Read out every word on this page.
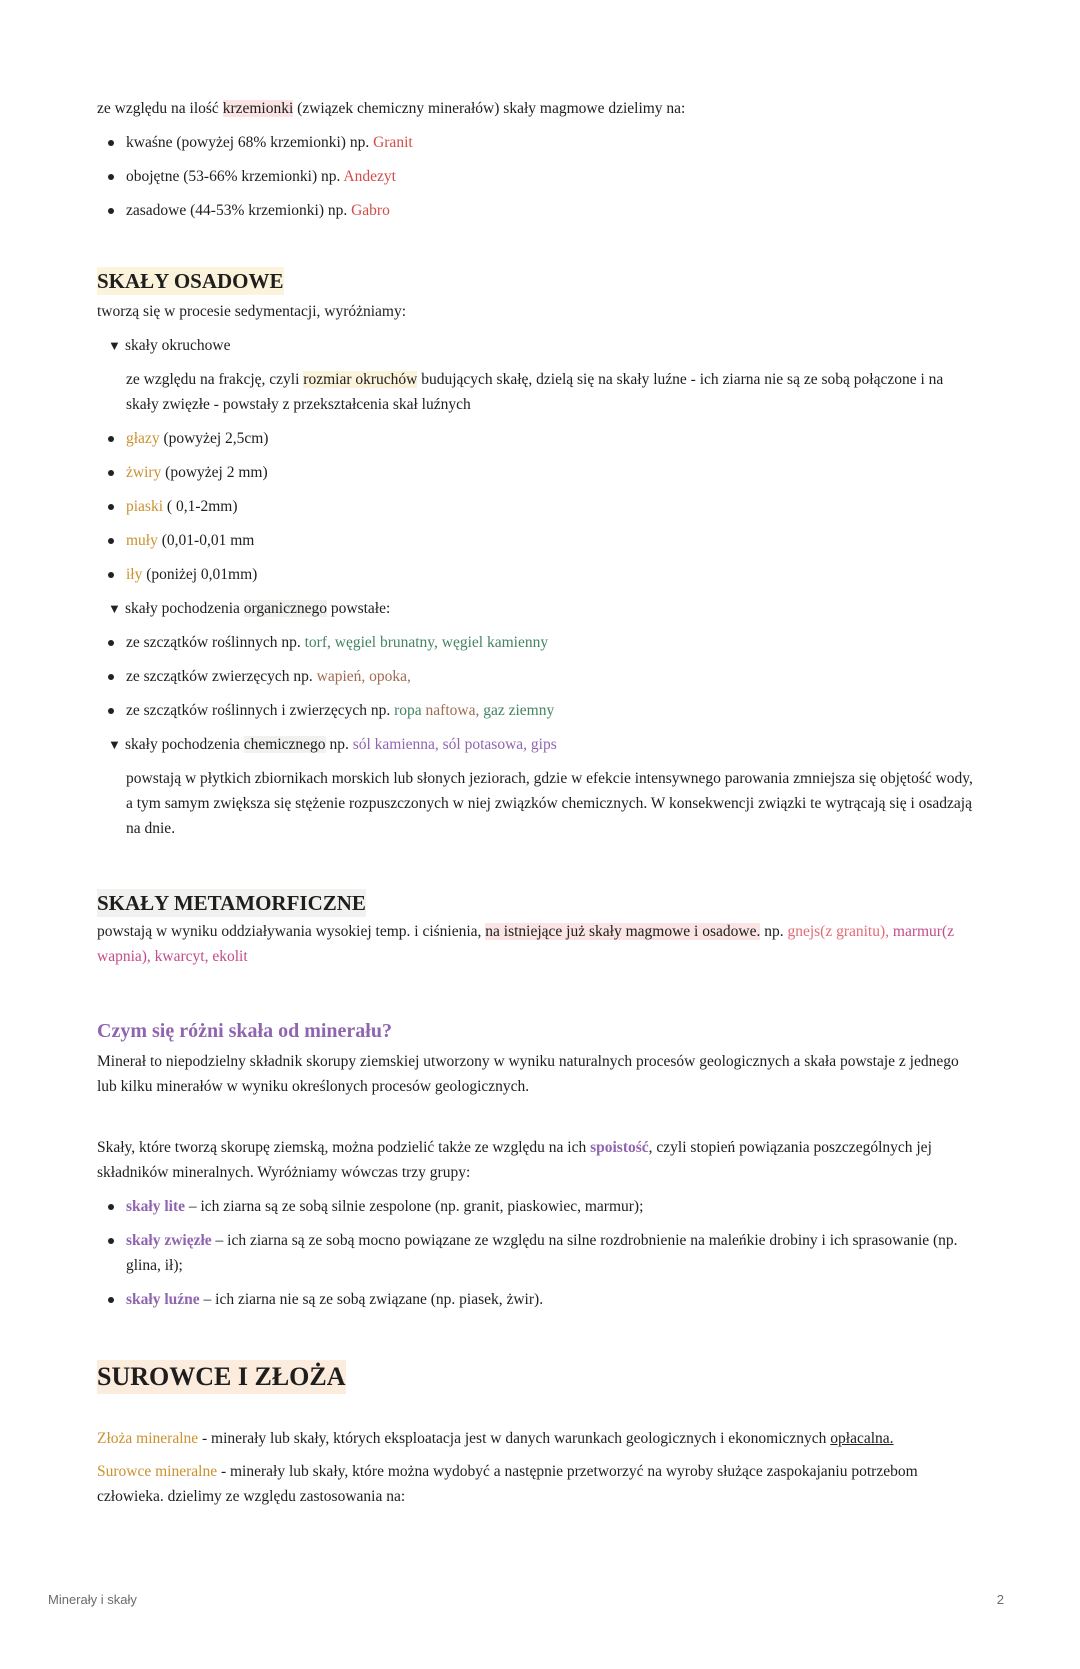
ze względu na ilość krzemionki (związek chemiczny minerałów) skały magmowe dzielimy na:

kwaśne (powyżej 68% krzemionki) np. Granit
obojętne (53-66% krzemionki) np. Andezyt
zasadowe (44-53% krzemionki) np. Gabro
SKAŁY OSADOWE

tworzą się w procesie sedymentacji, wyróżniamy:

▼ skały okruchowe

ze względu na frakcję, czyli rozmiar okruchów budujących skałę, dzielą się na skały luźne - ich ziarna nie są ze sobą połączone i na skały zwięzłe - powstały z przekształcenia skał luźnych

głazy (powyżej 2,5cm)
żwiry (powyżej 2 mm)
piaski ( 0,1-2mm)
muły (0,01-0,01 mm
iły (poniżej 0,01mm)
▼ skały pochodzenia organicznego powstałe:
ze szczątków roślinnych np. torf, węgiel brunatny, węgiel kamienny
ze szczątków zwierzęcych np. wapień, opoka,
ze szczątków roślinnych i zwierzęcych np. ropa naftowa, gaz ziemny
▼ skały pochodzenia chemicznego np. sól kamienna, sól potasowa, gips

powstają w płytkich zbiornikach morskich lub słonych jeziorach, gdzie w efekcie intensywnego parowania zmniejsza się objętość wody, a tym samym zwiększa się stężenie rozpuszczonych w niej związków chemicznych. W konsekwencji związki te wytrącają się i osadzają na dnie.

SKAŁY METAMORFICZNE

powstają w wyniku oddziaływania wysokiej temp. i ciśnienia, na istniejące już skały magmowe i osadowe. np. gnejs(z granitu), marmur(z wapnia), kwarcyt, ekolit

Czym się różni skała od minerału?

Minerał to niepodzielny składnik skorupy ziemskiej utworzony w wyniku naturalnych procesów geologicznych a skała powstaje z jednego lub kilku minerałów w wyniku określonych procesów geologicznych.

Skały, które tworzą skorupę ziemską, można podzielić także ze względu na ich spoistość, czyli stopień powiązania poszczególnych jej składników mineralnych. Wyróżniamy wówczas trzy grupy:

skały lite – ich ziarna są ze sobą silnie zespolone (np. granit, piaskowiec, marmur);
skały zwięzłe – ich ziarna są ze sobą mocno powiązane ze względu na silne rozdrobnienie na maleńkie drobiny i ich sprasowanie (np. glina, ił);
skały luźne – ich ziarna nie są ze sobą związane (np. piasek, żwir).
SUROWCE I ZŁOŻA

Złoża mineralne - minerały lub skały, których eksploatacja jest w danych warunkach geologicznych i ekonomicznych opłacalna.

Surowce mineralne - minerały lub skały, które można wydobyć a następnie przetworzyć na wyroby służące zaspokajaniu potrzebom człowieka. dzielimy ze względu zastosowania na:

Minerały i skały	2
